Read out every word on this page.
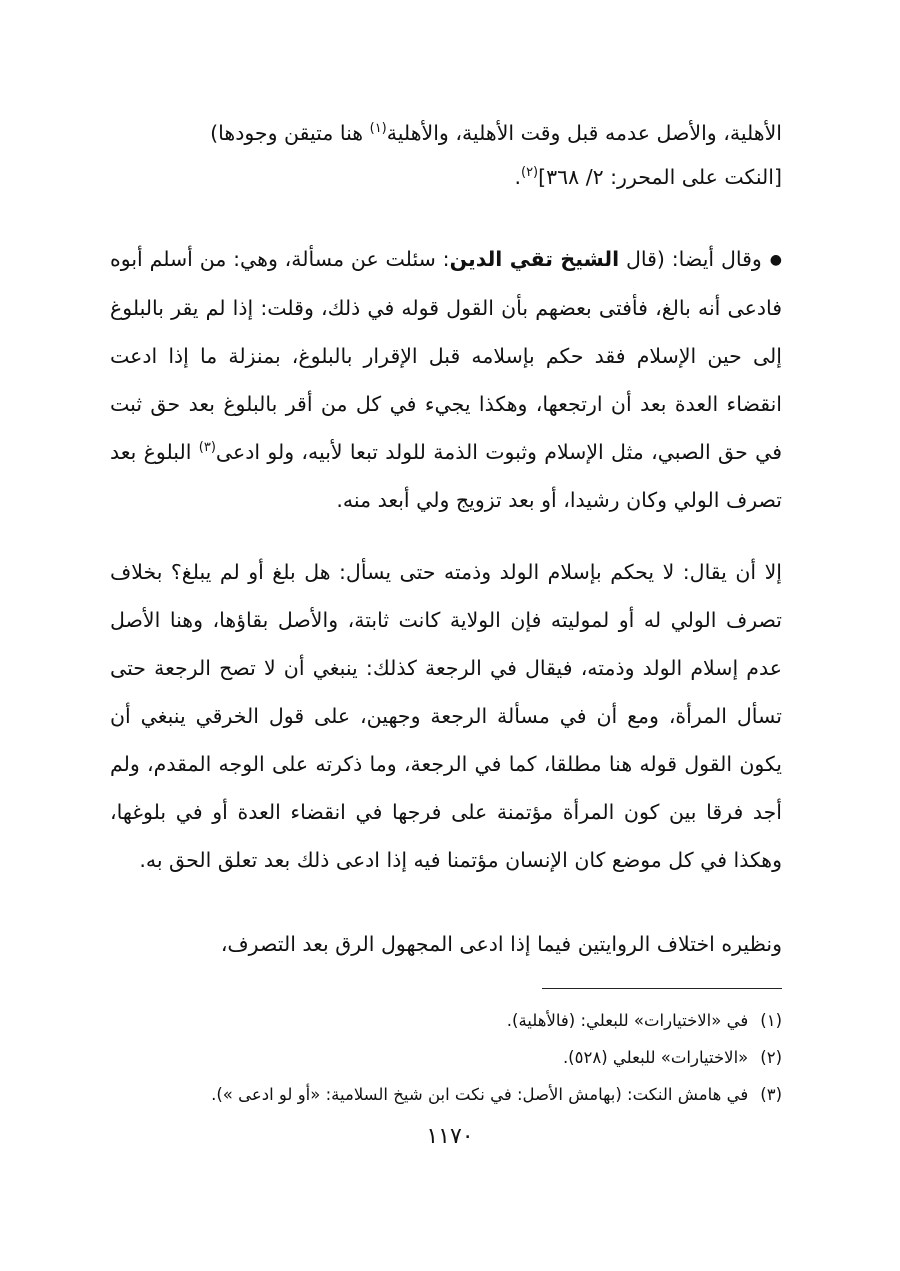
الأهلية، والأصل عدمه قبل وقت الأهلية، والأهلية$^{(١)}$ هنا متيقن وجودها)

[النكت على المحرر: ٢/ ٣٦٨]$^{(٢)}$.

●وقال أيضا: (قال الشيخ تقي الدين: سئلت عن مسألة، وهي: من أسلم أبوه فادعى أنه بالغ، فأفتى بعضهم بأن القول قوله في ذلك، وقلت: إذا لم يقر بالبلوغ إلى حين الإسلام فقد حكم بإسلامه قبل الإقرار بالبلوغ، بمنزلة ما إذا ادعت انقضاء العدة بعد أن ارتجعها، وهكذا يجيء في كل من أقر بالبلوغ بعد حق ثبت في حق الصبي، مثل الإسلام وثبوت الذمة للولد تبعا لأبيه، ولو ادعى$^{(٣)}$ البلوغ بعد تصرف الولي وكان رشيدا، أو بعد تزويج ولي أبعد منه.

إلا أن يقال: لا يحكم بإسلام الولد وذمته حتى يسأل: هل بلغ أو لم يبلغ؟ بخلاف تصرف الولي له أو لموليته فإن الولاية كانت ثابتة، والأصل بقاؤها، وهنا الأصل عدم إسلام الولد وذمته، فيقال في الرجعة كذلك: ينبغي أن لا تصح الرجعة حتى تسأل المرأة، ومع أن في مسألة الرجعة وجهين، على قول الخرقي ينبغي أن يكون القول قوله هنا مطلقا، كما في الرجعة، وما ذكرته على الوجه المقدم، ولم أجد فرقا بين كون المرأة مؤتمنة على فرجها في انقضاء العدة أو في بلوغها، وهكذا في كل موضع كان الإنسان مؤتمنا فيه إذا ادعى ذلك بعد تعلق الحق به.

ونظيره اختلاف الروايتين فيما إذا ادعى المجهول الرق بعد التصرف،

(١)في «الاختيارات» للبعلي: (فالأهلية).
(٢)«الاختيارات» للبعلي (٥٢٨).
(٣)في هامش النكت: (بهامش الأصل: في نكت ابن شيخ السلامية: «أو لو ادعى »).
١١٧٠
